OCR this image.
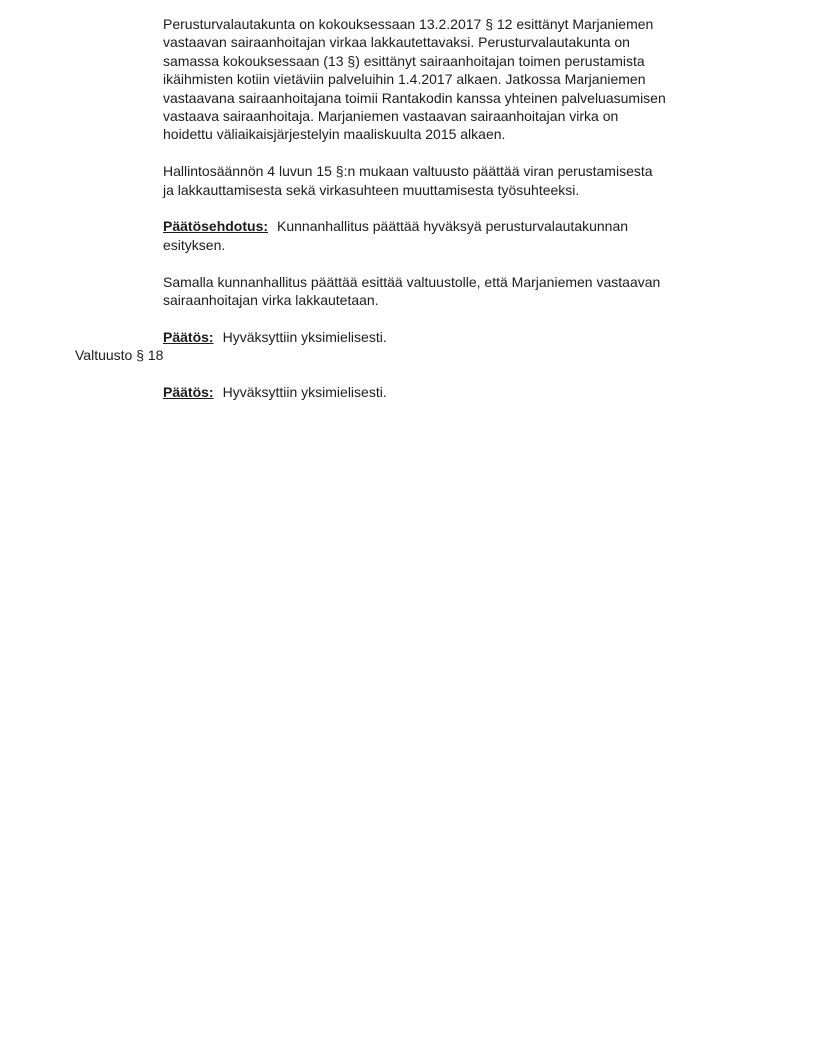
Perusturvalautakunta on kokouksessaan 13.2.2017 § 12 esittänyt Marjaniemen
vastaavan sairaanhoitajan virkaa lakkautettavaksi. Perusturvalautakunta on
samassa kokouksessaan (13 §) esittänyt sairaanhoitajan toimen perustamista
ikäihmisten kotiin vietäviin palveluihin 1.4.2017 alkaen. Jatkossa Marjaniemen
vastaavana sairaanhoitajana toimii Rantakodin kanssa yhteinen palveluasumisen
vastaava sairaanhoitaja. Marjaniemen vastaavan sairaanhoitajan virka on
hoidettu väliaikaisjärjestelyin maaliskuulta 2015 alkaen.
Hallintosäännön 4 luvun 15 §:n mukaan valtuusto päättää viran perustamisesta
ja lakkauttamisesta sekä virkasuhteen muuttamisesta työsuhteeksi.
Päätösehdotus: Kunnanhallitus päättää hyväksyä perusturvalautakunnan
esityksen.
Samalla kunnanhallitus päättää esittää valtuustolle, että Marjaniemen vastaavan
sairaanhoitajan virka lakkautetaan.
Päätös: Hyväksyttiin yksimielisesti.
Valtuusto § 18
Päätös: Hyväksyttiin yksimielisesti.
